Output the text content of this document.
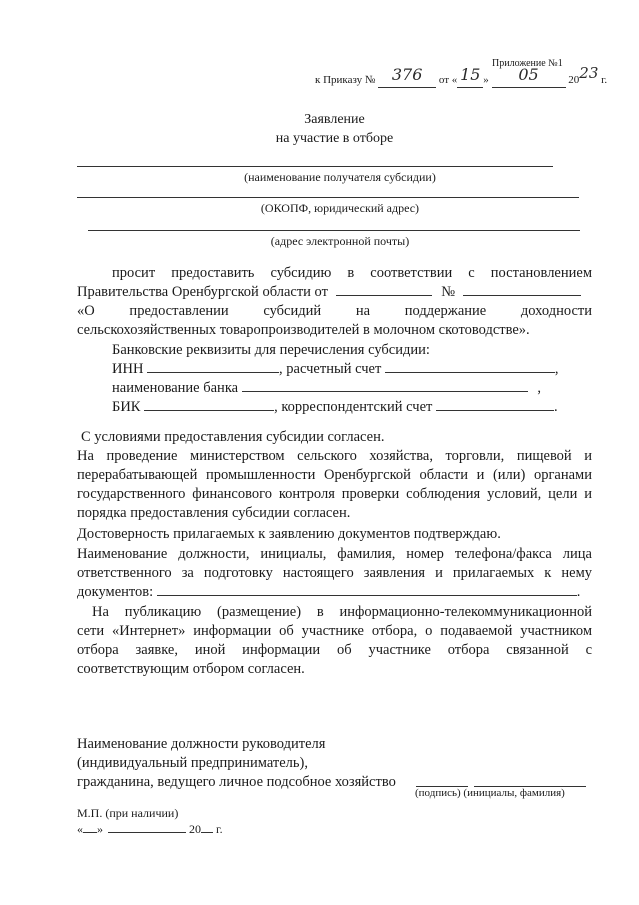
Приложение №1
к Приказу № 376 от « 15 » 05	2023 г.
Заявление
на участие в отборе
(наименование получателя субсидии)
(ОКОПФ, юридический адрес)
(адрес электронной почты)
просит предоставить субсидию в соответствии с постановлением
Правительства Оренбургской области от	№
«О предоставлении субсидий на поддержание доходности
сельскохозяйственных товаропроизводителей в молочном скотоводстве».
Банковские реквизиты для перечисления субсидии:
ИНН	, расчетный счет	,
наименование банка	,
БИК	, корреспондентский счет	.
С условиями предоставления субсидии согласен.
На проведение министерством сельского хозяйства, торговли, пищевой и
перерабатывающей промышленности Оренбургской области и (или) органами
государственного финансового контроля проверки соблюдения условий, цели и
порядка предоставления субсидии согласен.
Достоверность прилагаемых к заявлению документов подтверждаю.
Наименование должности, инициалы, фамилия, номер телефона/факса лица
ответственного за подготовку настоящего заявления и прилагаемых к нему
документов:	.
На публикацию (размещение) в информационно-телекоммуникационной
сети «Интернет» информации об участнике отбора, о подаваемой участником
отбора заявке, иной информации об участнике отбора связанной с
соответствующим отбором согласен.
Наименование должности руководителя
(индивидуальный предприниматель),
гражданина, ведущего личное подсобное хозяйство
(подпись) (инициалы, фамилия)
М.П. (при наличии)
« »	20 г.
